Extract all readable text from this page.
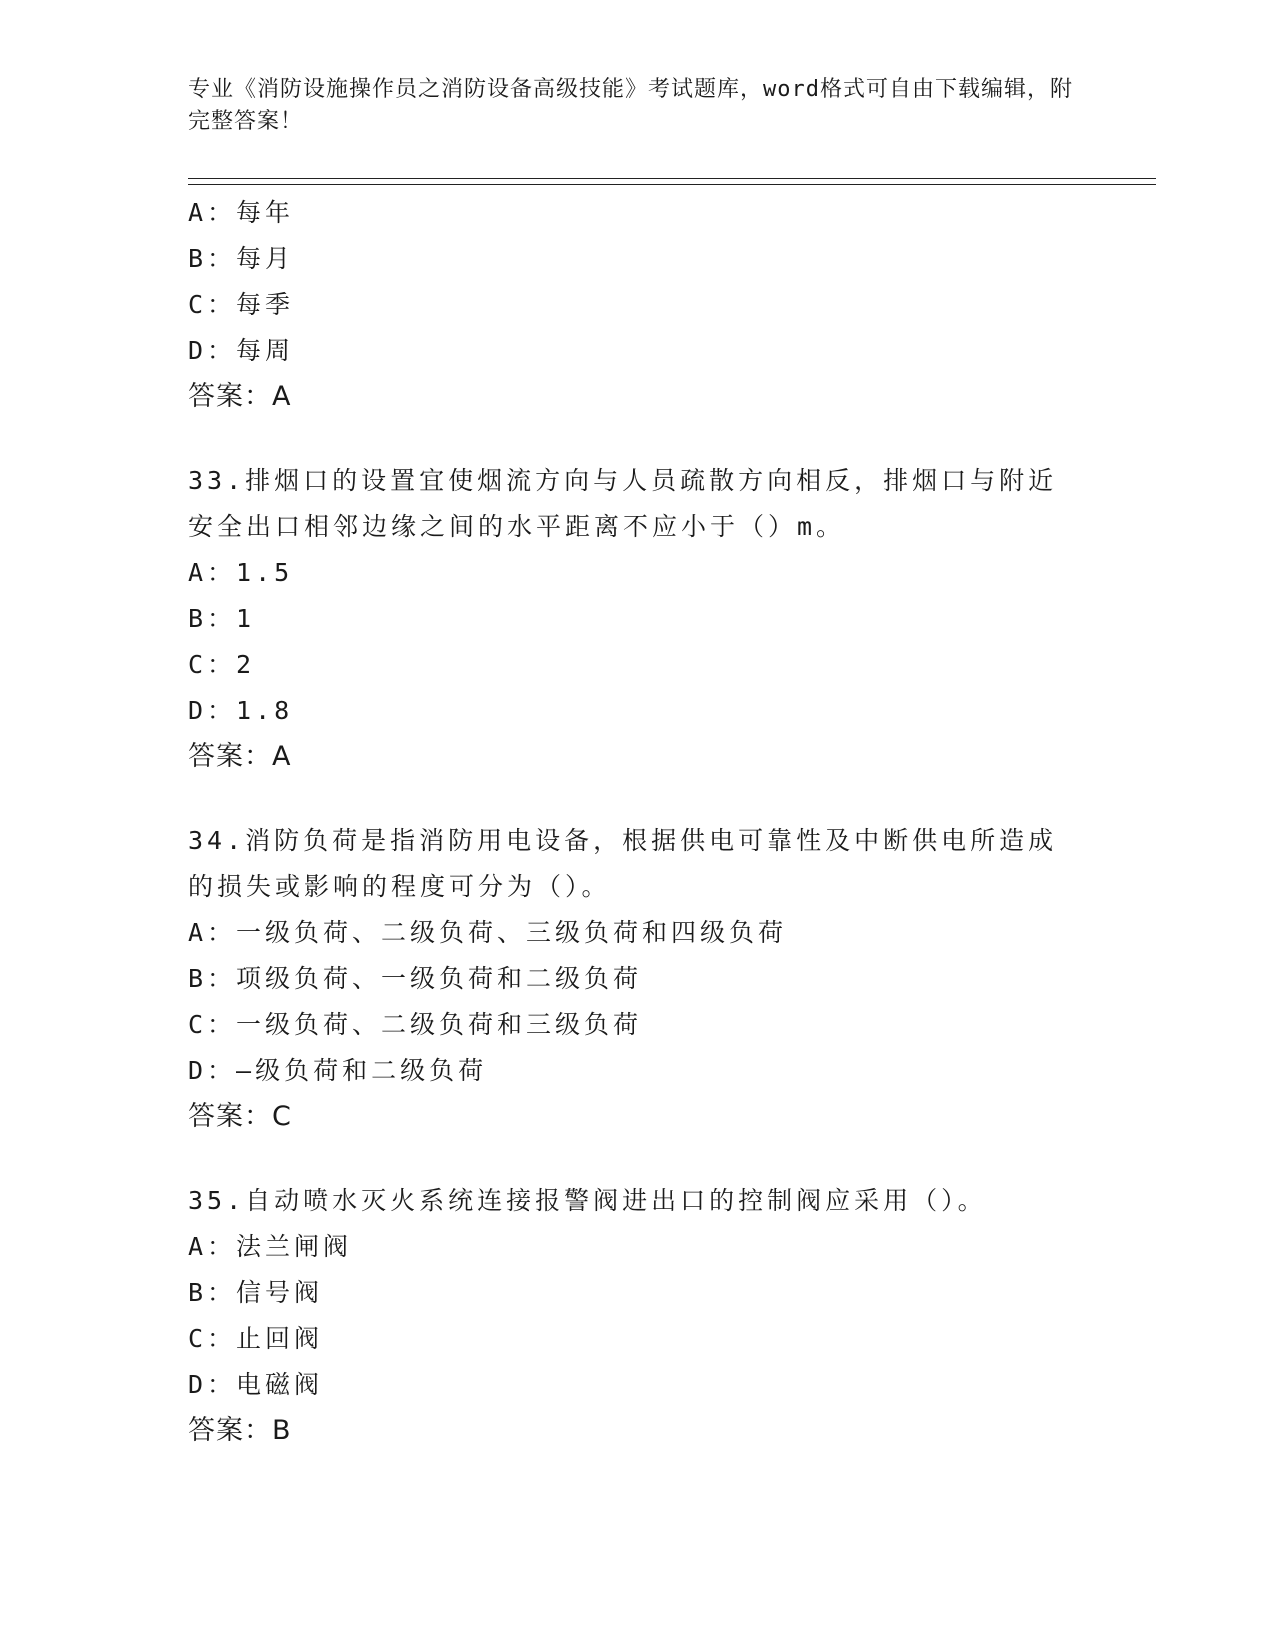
专业《消防设施操作员之消防设备高级技能》考试题库，word格式可自由下载编辑，附完整答案！
A：每年
B：每月
C：每季
D：每周
答案：A
33.排烟口的设置宜使烟流方向与人员疏散方向相反，排烟口与附近安全出口相邻边缘之间的水平距离不应小于（）m。
A：1.5
B：1
C：2
D：1.8
答案：A
34.消防负荷是指消防用电设备，根据供电可靠性及中断供电所造成的损失或影响的程度可分为（）。
A：一级负荷、二级负荷、三级负荷和四级负荷
B：项级负荷、一级负荷和二级负荷
C：一级负荷、二级负荷和三级负荷
D：—级负荷和二级负荷
答案：C
35.自动喷水灭火系统连接报警阀进出口的控制阀应采用（）。
A：法兰闸阀
B：信号阀
C：止回阀
D：电磁阀
答案：B
